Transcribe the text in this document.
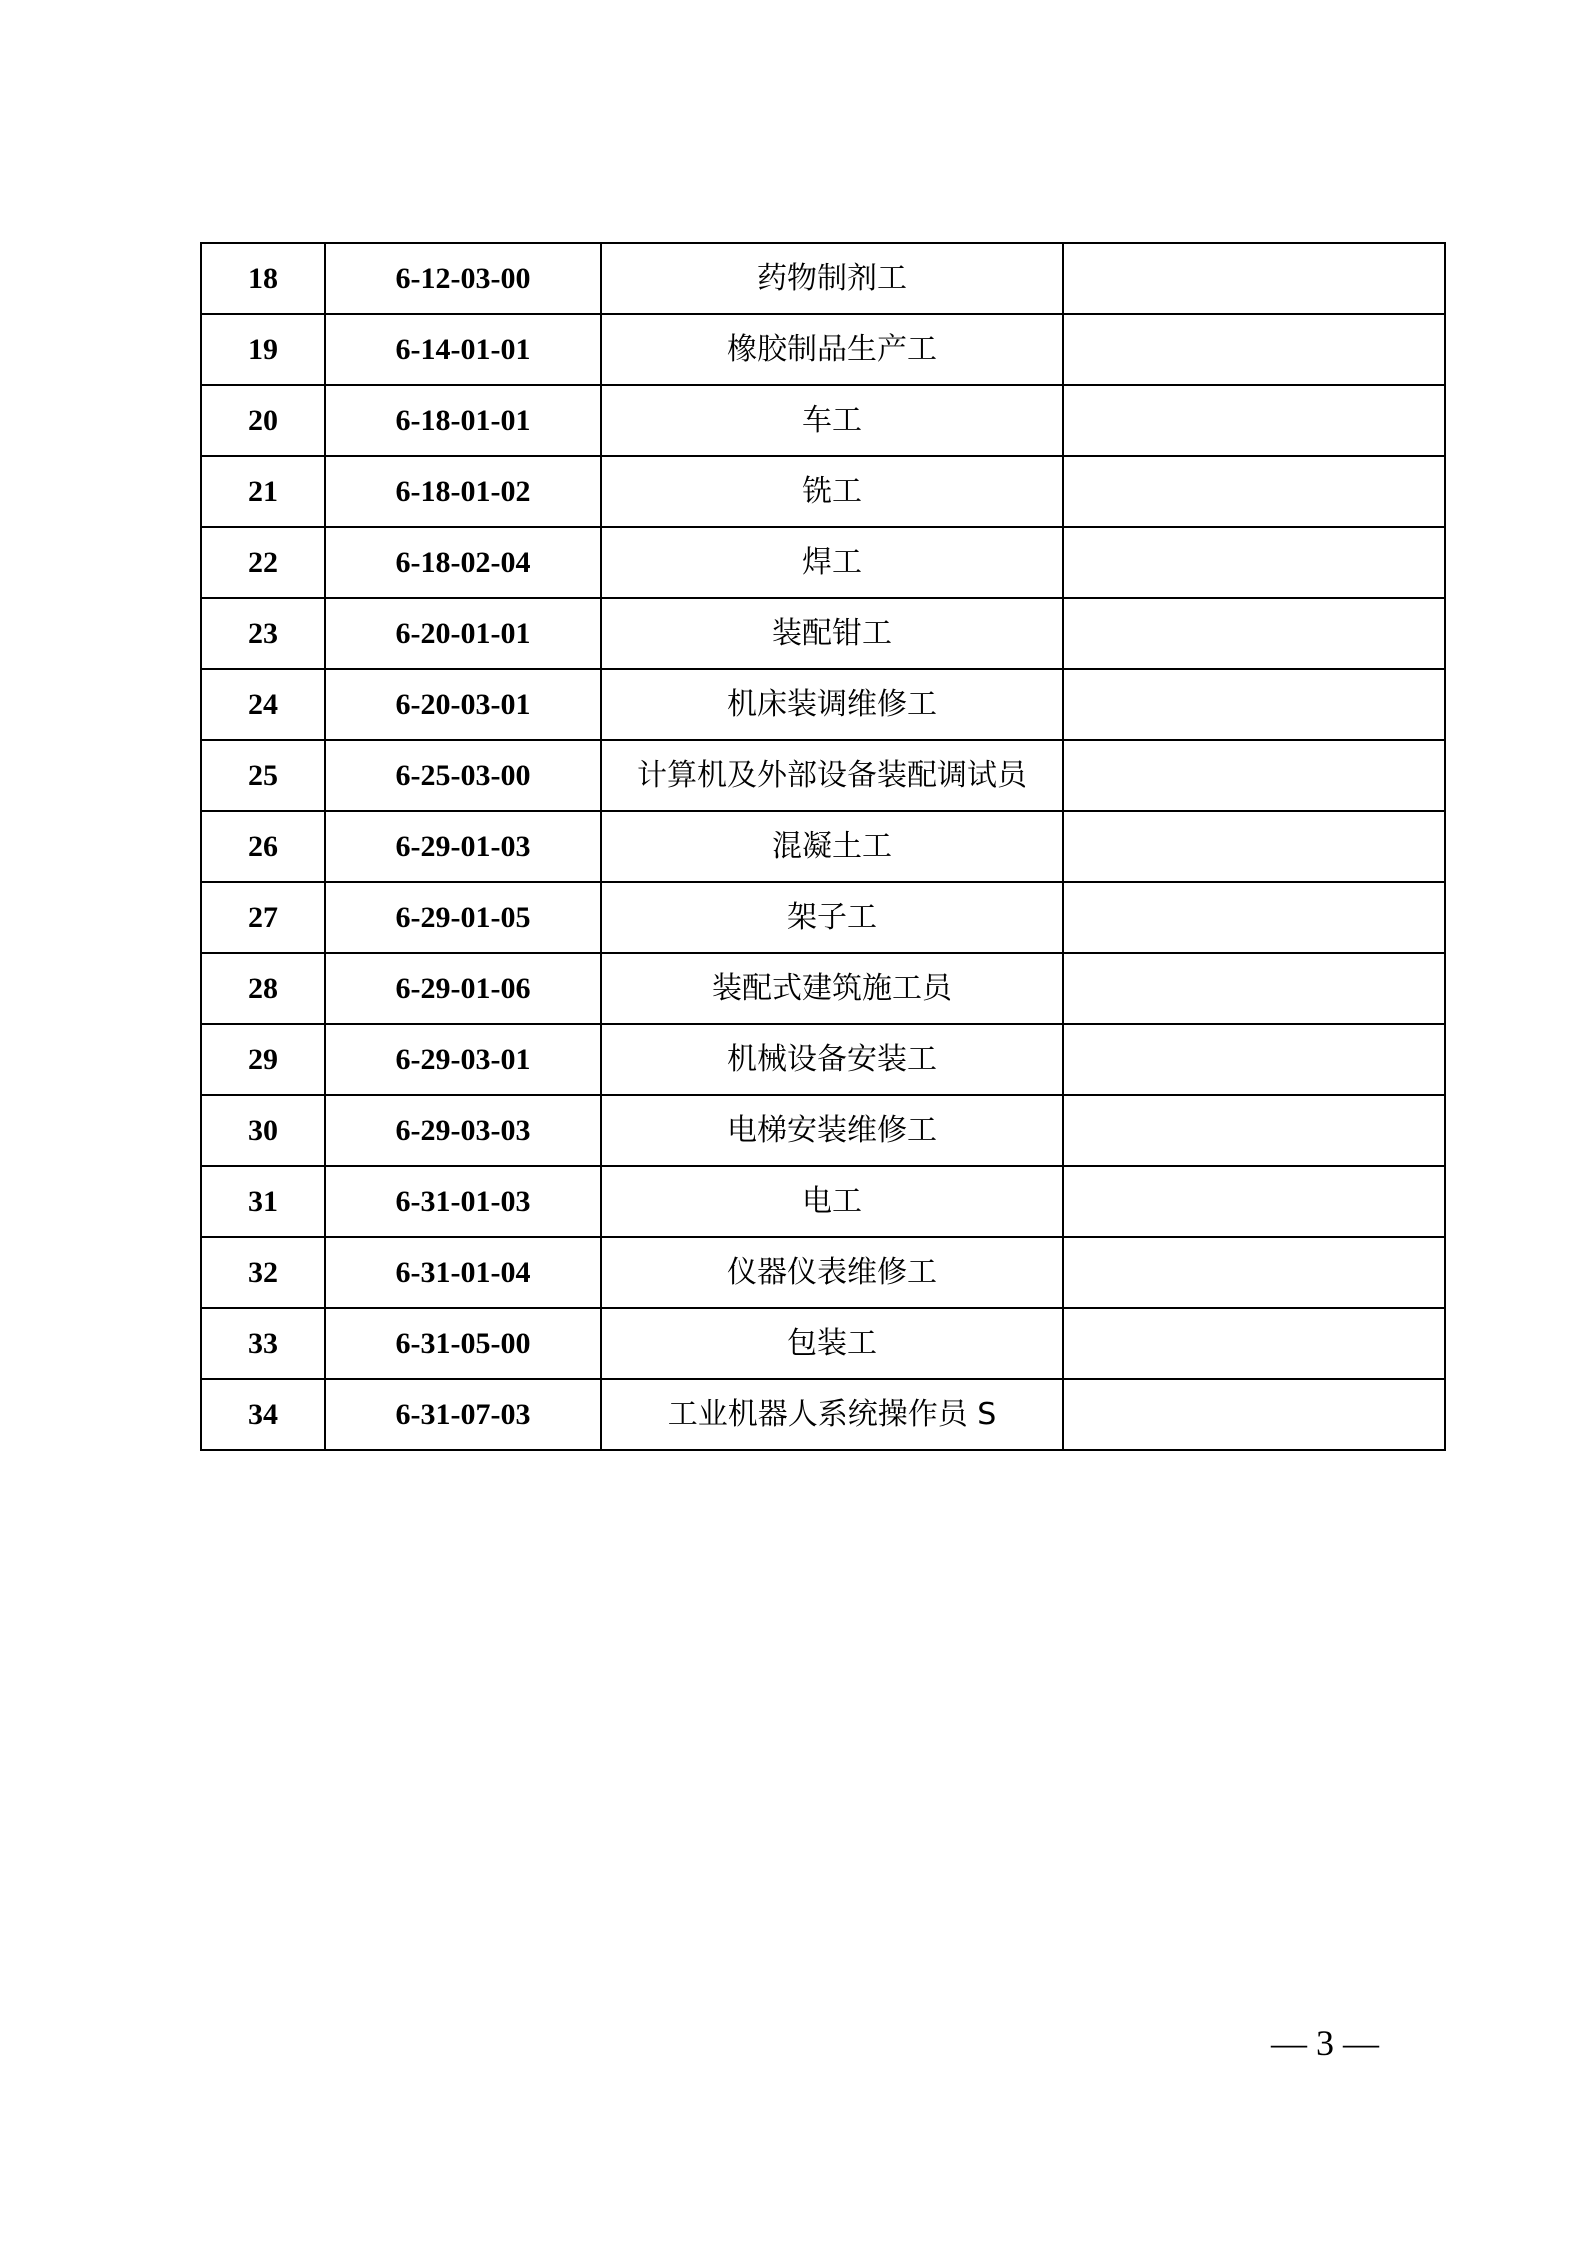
18	6-12-03-00	药物制剂工	
19	6-14-01-01	橡胶制品生产工	
20	6-18-01-01	车工	
21	6-18-01-02	铣工	
22	6-18-02-04	焊工	
23	6-20-01-01	装配钳工	
24	6-20-03-01	机床装调维修工	
25	6-25-03-00	计算机及外部设备装配调试员	
26	6-29-01-03	混凝土工	
27	6-29-01-05	架子工	
28	6-29-01-06	装配式建筑施工员	
29	6-29-03-01	机械设备安装工	
30	6-29-03-03	电梯安装维修工	
31	6-31-01-03	电工	
32	6-31-01-04	仪器仪表维修工	
33	6-31-05-00	包装工	
34	6-31-07-03	工业机器人系统操作员 S	
— 3 —
